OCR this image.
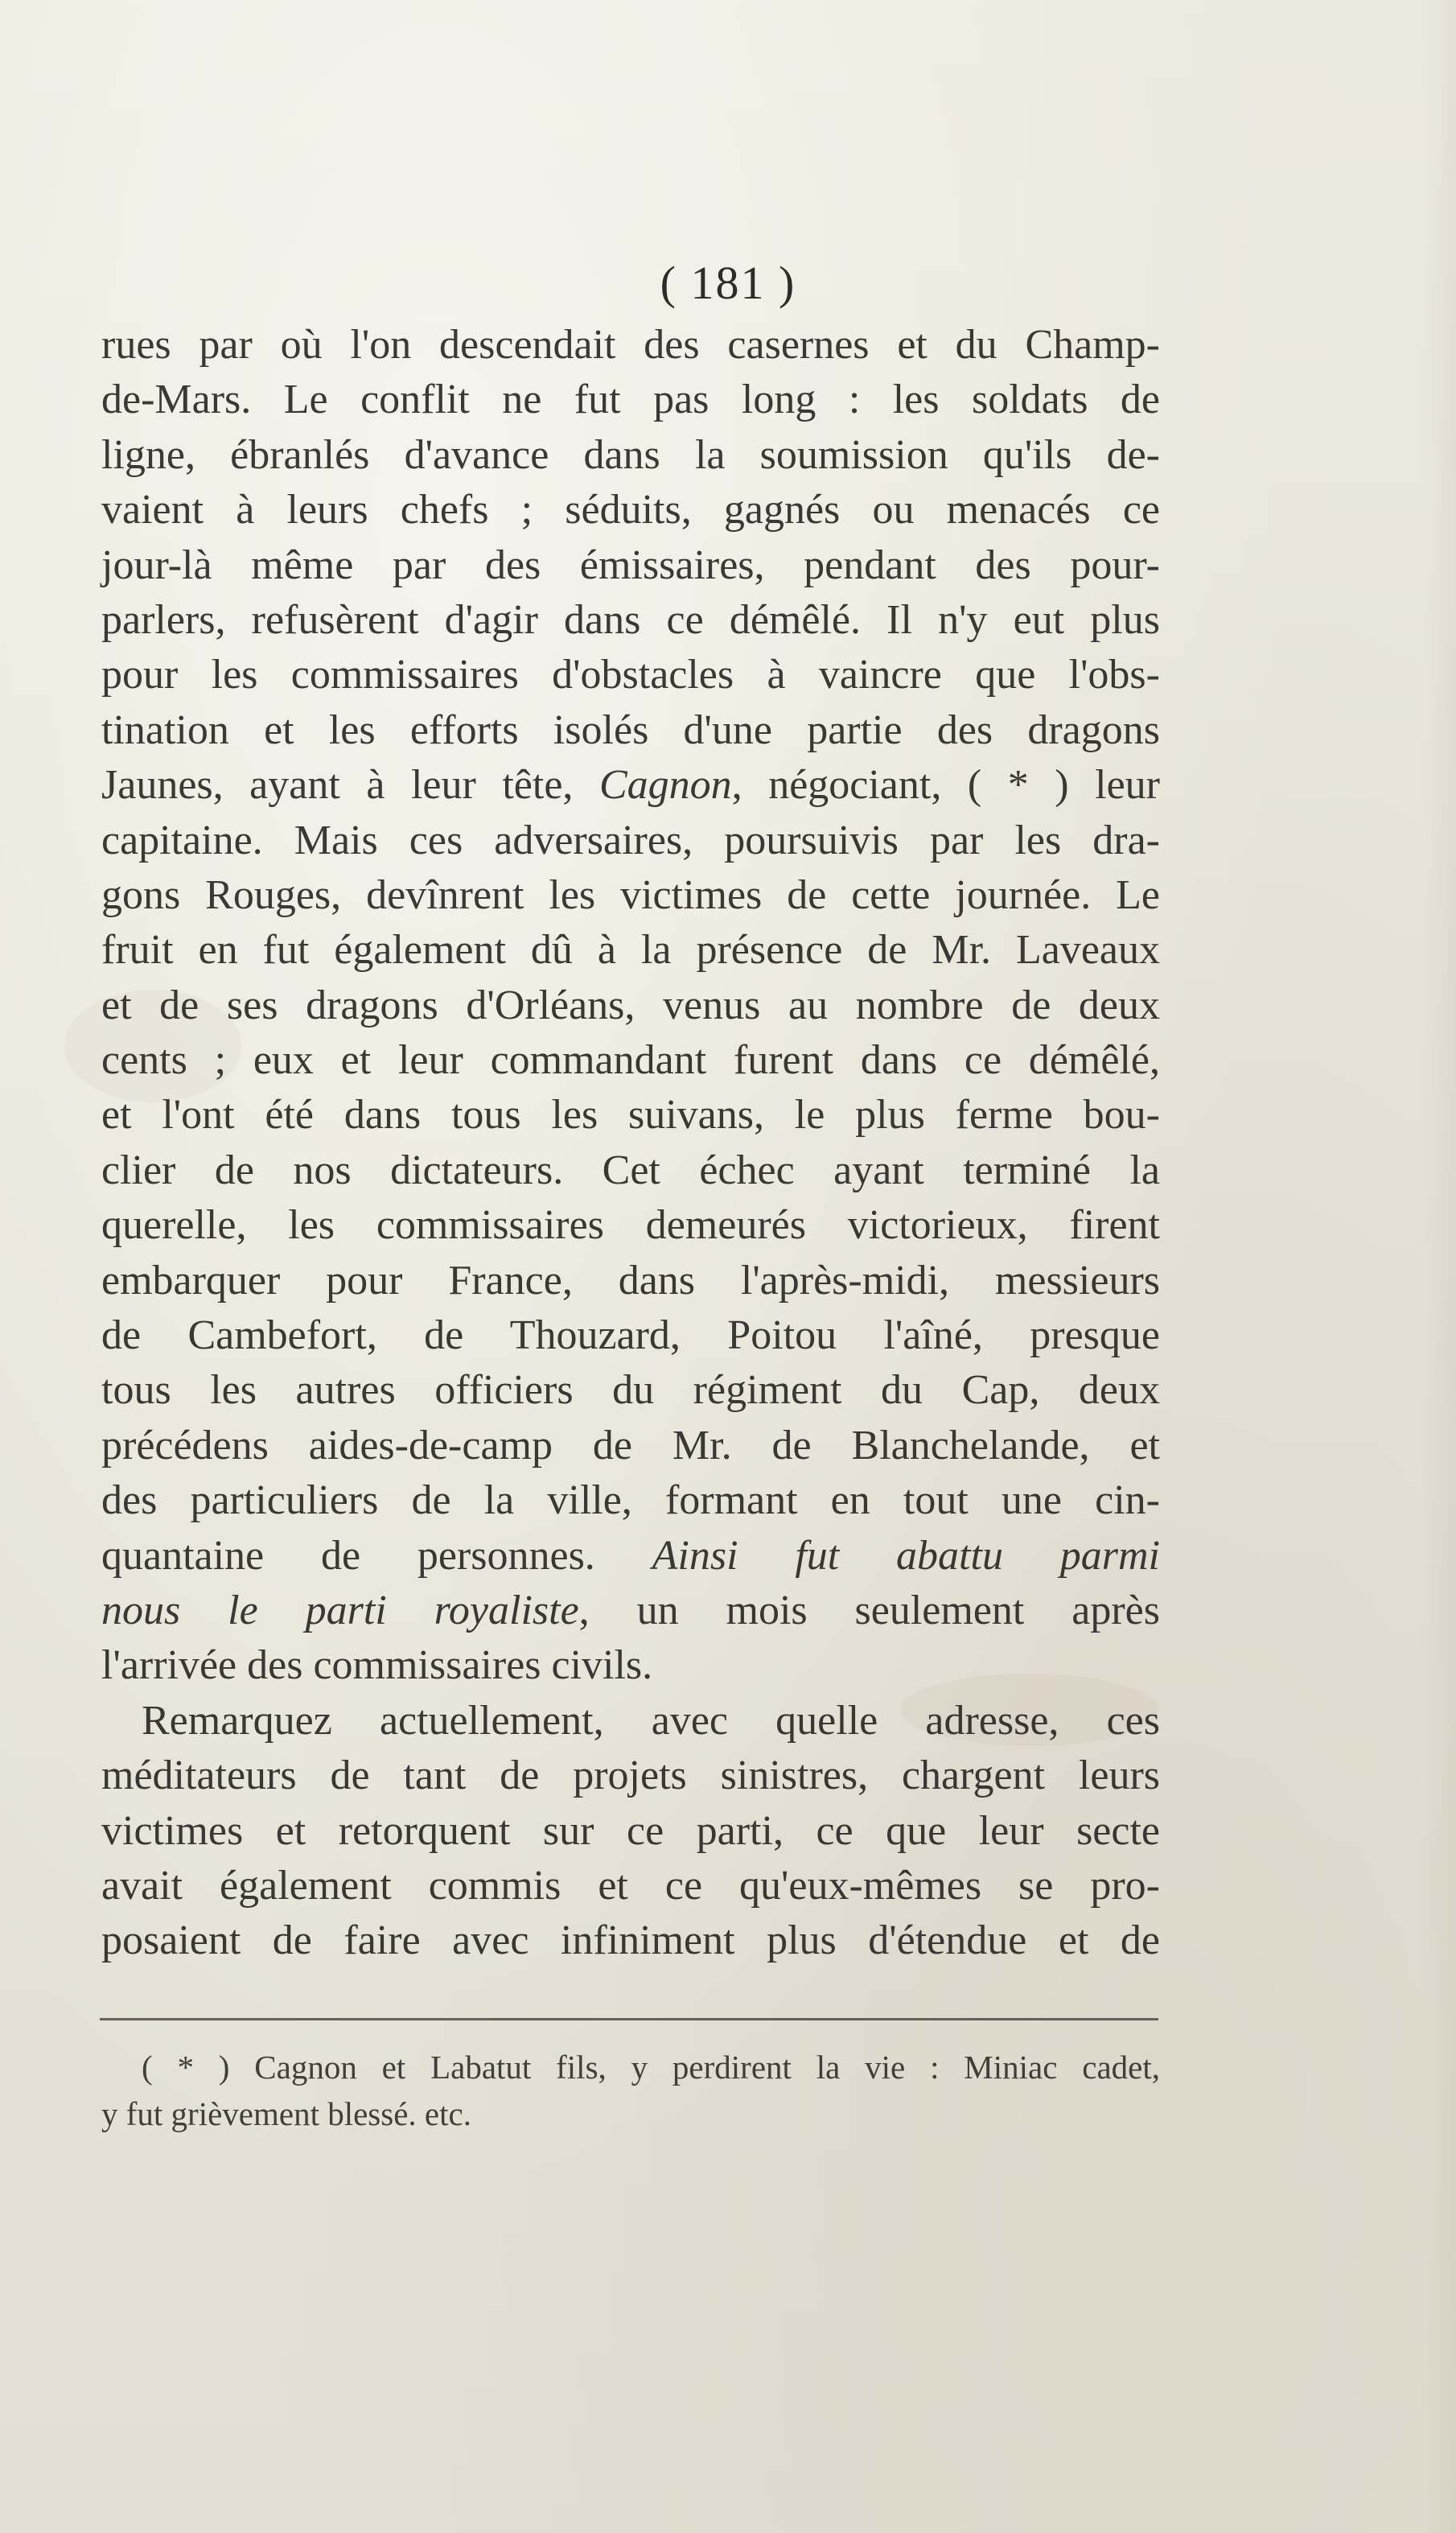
( 181 )
rues par où l'on descendait des casernes et du Champ-
de-Mars. Le conflit ne fut pas long : les soldats de
ligne, ébranlés d'avance dans la soumission qu'ils de-
vaient à leurs chefs ; séduits, gagnés ou menacés ce
jour-là même par des émissaires, pendant des pour-
parlers, refusèrent d'agir dans ce démêlé. Il n'y eut plus
pour les commissaires d'obstacles à vaincre que l'obs-
tination et les efforts isolés d'une partie des dragons
Jaunes, ayant à leur tête, Cagnon, négociant, ( * ) leur
capitaine. Mais ces adversaires, poursuivis par les dra-
gons Rouges, devînrent les victimes de cette journée. Le
fruit en fut également dû à la présence de Mr. Laveaux
et de ses dragons d'Orléans, venus au nombre de deux
cents ; eux et leur commandant furent dans ce démêlé,
et l'ont été dans tous les suivans, le plus ferme bou-
clier de nos dictateurs. Cet échec ayant terminé la
querelle, les commissaires demeurés victorieux, firent
embarquer pour France, dans l'après-midi, messieurs
de Cambefort, de Thouzard, Poitou l'aîné, presque
tous les autres officiers du régiment du Cap, deux
précédens aides-de-camp de Mr. de Blanchelande, et
des particuliers de la ville, formant en tout une cin-
quantaine de personnes. Ainsi fut abattu parmi
nous le parti royaliste, un mois seulement après
l'arrivée des commissaires civils.
Remarquez actuellement, avec quelle adresse, ces
méditateurs de tant de projets sinistres, chargent leurs
victimes et retorquent sur ce parti, ce que leur secte
avait également commis et ce qu'eux-mêmes se pro-
posaient de faire avec infiniment plus d'étendue et de
( * ) Cagnon et Labatut fils, y perdirent la vie : Miniac cadet,
y fut grièvement blessé. etc.
